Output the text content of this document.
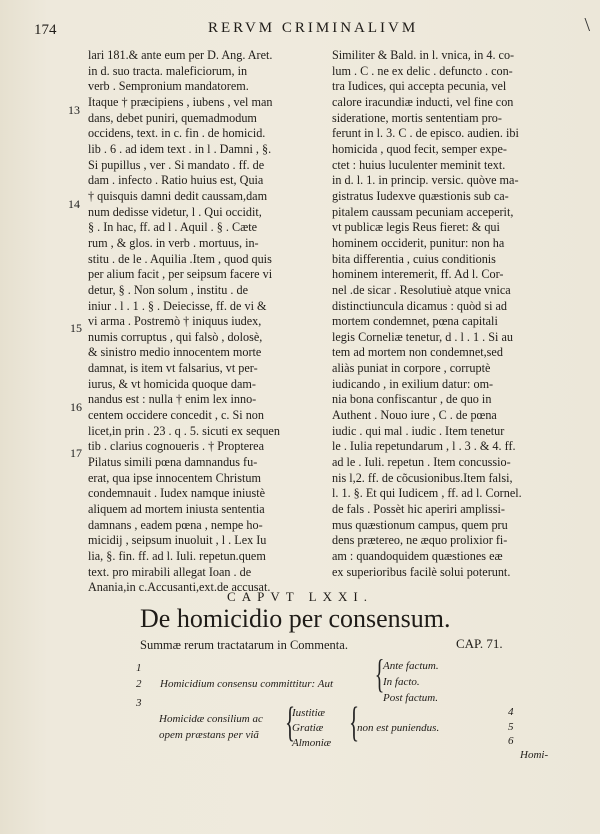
\
174	RERVM CRIMINALIVM
lari 181.& ante eum per D. Ang. Aret.
in d. suo tracta. maleficiorum, in
verb . Sempronium mandatorem.
Itaque † præcipiens , iubens , vel man
dans, debet puniri, quemadmodum
occidens, text. in c. fin . de homicid.
lib . 6 . ad idem text . in l . Damni , §.
Si pupillus , ver . Si mandato . ff. de
dam . infecto . Ratio huius est, Quia
† quisquis damni dedit caussam,dam
num dedisse videtur, l . Qui occidit,
§ . In hac, ff. ad l . Aquil . § . Cæte
rum , & glos. in verb . mortuus, in-
stitu . de le . Aquilia .Item , quod quis
per alium facit , per seipsum facere vi
detur, § . Non solum , institu . de
iniur . l . 1 . § . Deiecisse, ff. de vi &
vi arma . Postremò † iniquus iudex,
numis corruptus , qui falsò , dolosè,
& sinistro medio innocentem morte
damnat, is item vt falsarius, vt per-
iurus, & vt homicida quoque dam-
nandus est : nulla † enim lex inno-
centem occidere concedit , c. Si non
licet,in prin . 23 . q . 5. sicuti ex sequen
tib . clarius cognoueris . † Propterea
Pilatus simili pœna damnandus fu-
erat, qua ipse innocentem Christum
condemnauit . Iudex namque iniustè
aliquem ad mortem iniusta sententia
damnans , eadem pœna , nempe ho-
micidij , seipsum inuoluit , l . Lex Iu
lia, §. fin. ff. ad l. Iuli. repetun.quem
text. pro mirabili allegat Ioan . de
Anania,in c.Accusanti,ext.de accusat.
Similiter & Bald. in l. vnica, in 4. co-
lum . C . ne ex delic . defuncto . con-
tra Iudices, qui accepta pecunia, vel
calore iracundiæ inducti, vel fine con
sideratione, mortis sententiam pro-
ferunt in l. 3. C . de episco. audien. ibi
homicida , quod fecit, semper expe-
ctet : huius luculenter meminit text.
in d. l. 1. in princip. versic. quòve ma-
gistratus Iudexve quæstionis sub ca-
pitalem caussam pecuniam acceperit,
vt publicæ legis Reus fieret: & qui
hominem occiderit, punitur: non ha
bita differentia , cuius conditionis
hominem interemerit, ff. Ad l. Cor-
nel .de sicar . Resolutiuè atque vnica
distinctiuncula dicamus : quòd si ad
mortem condemnet, pœna capitali
legis Corneliæ tenetur, d . l . 1 . Si au
tem ad mortem non condemnet,sed
aliàs puniat in corpore , corruptè
iudicando , in exilium datur: om-
nia bona confiscantur , de quo in
Authent . Nouo iure , C . de pœna
iudic . qui mal . iudic . Item tenetur
le . Iulia repetundarum , l . 3 . & 4. ff.
ad le . Iuli. repetun . Item concussio-
nis l,2. ff. de cõcusionibus.Item falsi,
l. 1. §. Et qui Iudicem , ff. ad l. Cornel.
de fals . Possèt hic aperiri amplissi-
mus quæstionum campus, quem pru
dens prætereo, ne æquo prolixior fi-
am : quandoquidem quæstiones eæ
ex superioribus facilè solui poterunt.
13
14
15
16
17
CAPVT LXXI.
De homicidio per consensum.
Summæ rerum tractatarum in Commenta.	CAP. 71.
1
2
3
Homicidium consensu committitur: Aut {
Ante factum.
In facto.
Post factum.
Homicidæ consilium ac
opem præstans per viã {
Iustitiæ
Gratiæ
Almoniæ {
non est puniendus.
4
5
6
Homi-
